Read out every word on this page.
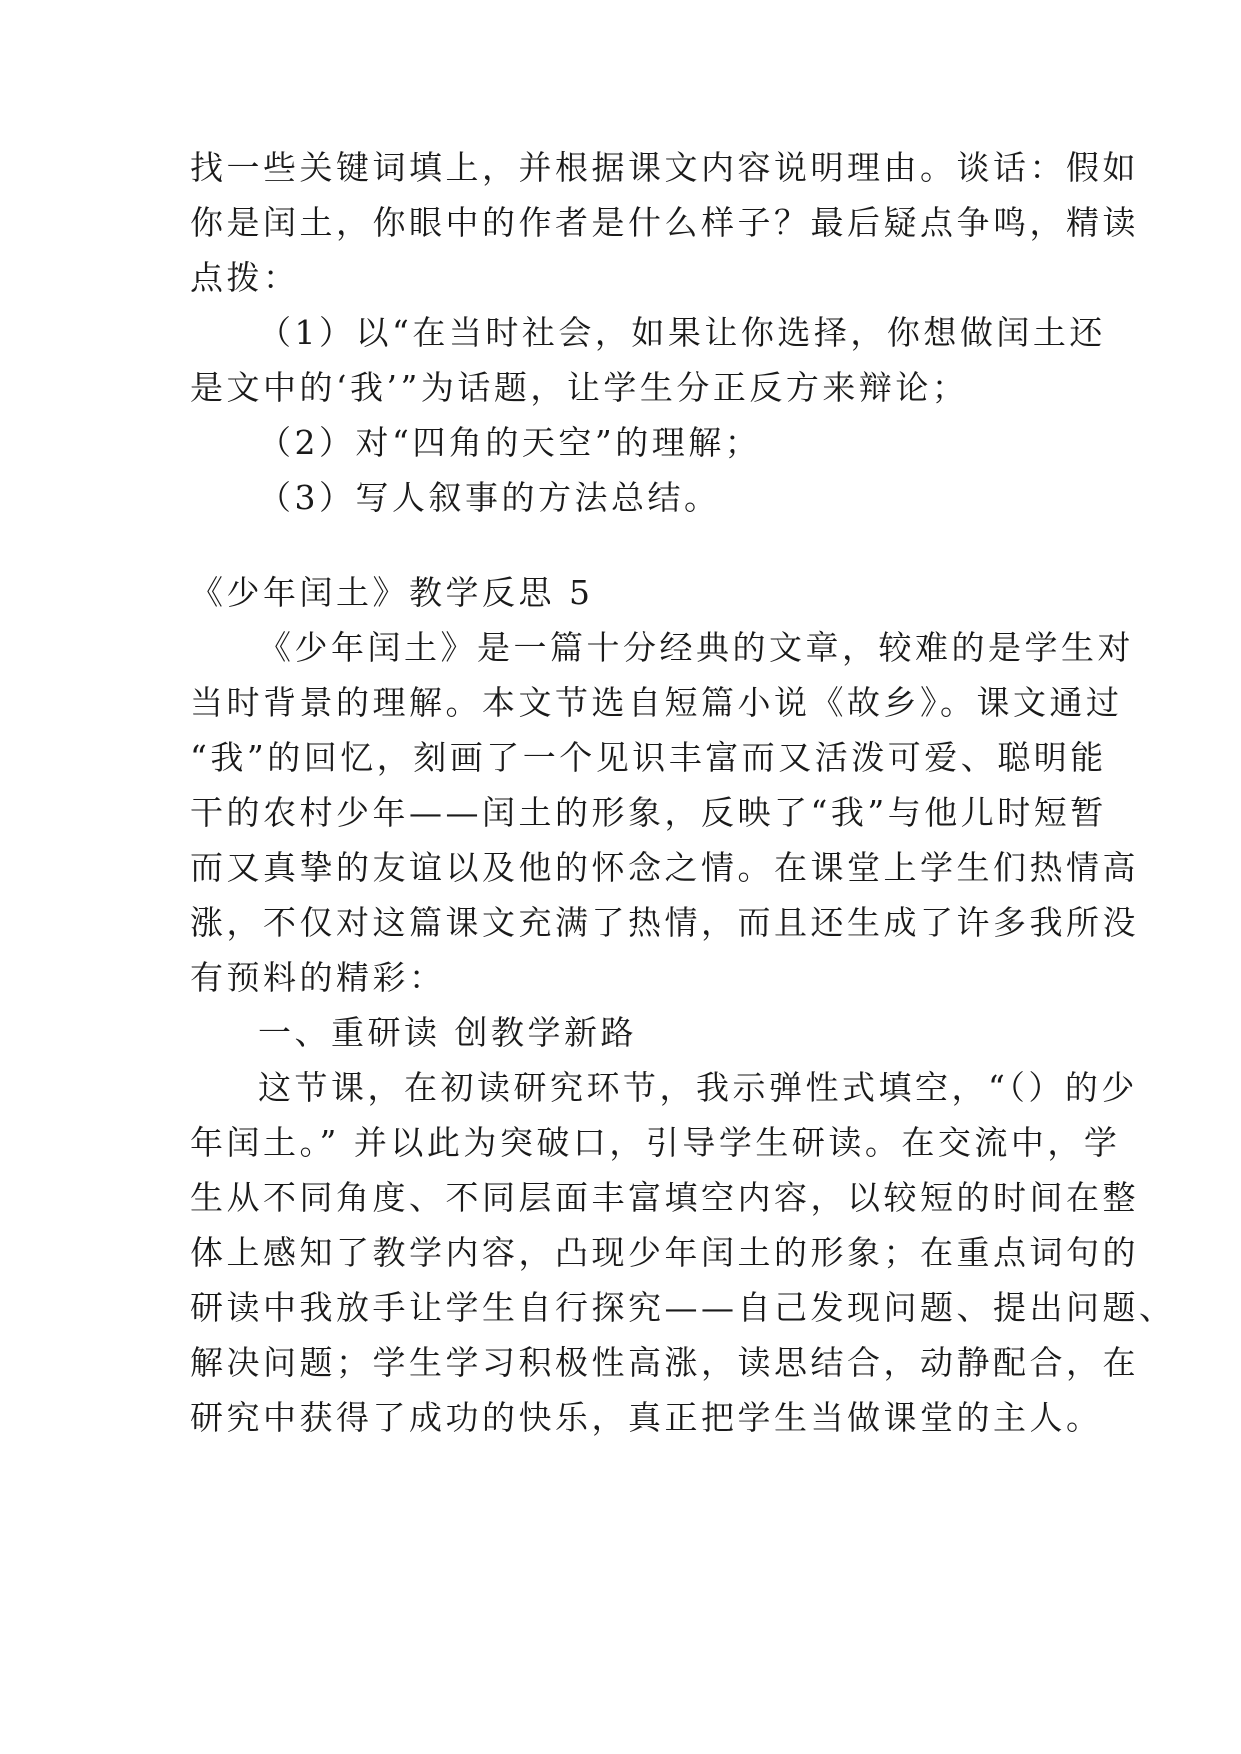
找一些关键词填上，并根据课文内容说明理由。谈话：假如
你是闰土，你眼中的作者是什么样子？最后疑点争鸣，精读
点拨：
（1）以“在当时社会，如果让你选择，你想做闰土还
是文中的‘我’”为话题，让学生分正反方来辩论；
（2）对“四角的天空”的理解；
（3）写人叙事的方法总结。
《少年闰土》教学反思 5
《少年闰土》是一篇十分经典的文章，较难的是学生对
当时背景的理解。本文节选自短篇小说《故乡》。课文通过
“我”的回忆，刻画了一个见识丰富而又活泼可爱、聪明能
干的农村少年——闰土的形象，反映了“我”与他儿时短暂
而又真挚的友谊以及他的怀念之情。在课堂上学生们热情高
涨，不仅对这篇课文充满了热情，而且还生成了许多我所没
有预料的精彩：
一、重研读 创教学新路
这节课，在初读研究环节，我示弹性式填空，“（）的少
年闰土。” 并以此为突破口，引导学生研读。在交流中，学
生从不同角度、不同层面丰富填空内容，以较短的时间在整
体上感知了教学内容，凸现少年闰土的形象；在重点词句的
研读中我放手让学生自行探究——自己发现问题、提出问题、
解决问题；学生学习积极性高涨，读思结合，动静配合，在
研究中获得了成功的快乐，真正把学生当做课堂的主人。
